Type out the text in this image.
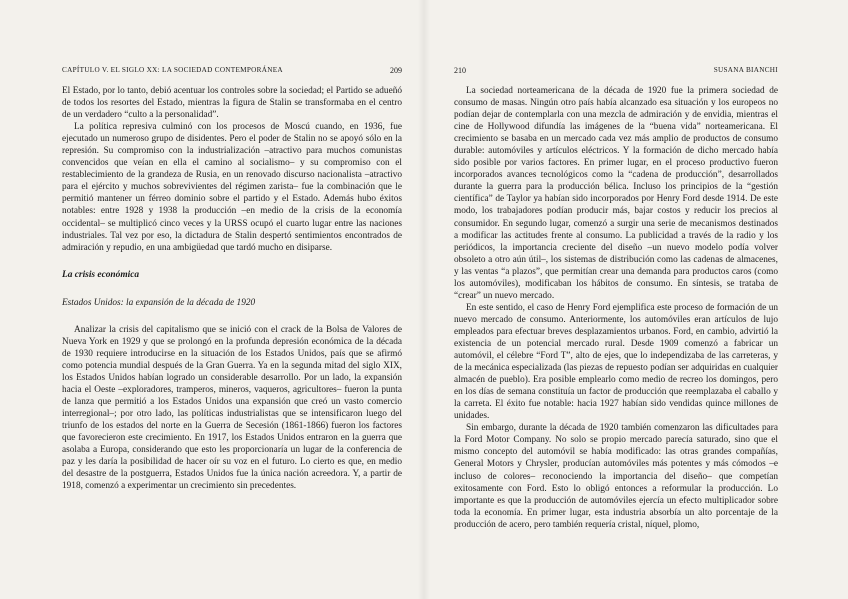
CAPÍTULO V. EL SIGLO XX: LA SOCIEDAD CONTEMPORÁNEA	209

El Estado, por lo tanto, debió acentuar los controles sobre la sociedad; el Partido se adueñó de todos los resortes del Estado, mientras la figura de Stalin se transformaba en el centro de un verdadero “culto a la personalidad”.

La política represiva culminó con los procesos de Moscú cuando, en 1936, fue ejecutado un numeroso grupo de disidentes. Pero el poder de Stalin no se apoyó sólo en la represión. Su compromiso con la industrialización –atractivo para muchos comunistas convencidos que veían en ella el camino al socialismo– y su compromiso con el restablecimiento de la grandeza de Rusia, en un renovado discurso nacionalista –atractivo para el ejército y muchos sobrevivientes del régimen zarista– fue la combinación que le permitió mantener un férreo dominio sobre el partido y el Estado. Además hubo éxitos notables: entre 1928 y 1938 la producción –en medio de la crisis de la economía occidental– se multiplicó cinco veces y la URSS ocupó el cuarto lugar entre las naciones industriales. Tal vez por eso, la dictadura de Stalin despertó sentimientos encontrados de admiración y repudio, en una ambigüedad que tardó mucho en disiparse.

La crisis económica
Estados Unidos: la expansión de la década de 1920

Analizar la crisis del capitalismo que se inició con el crack de la Bolsa de Valores de Nueva York en 1929 y que se prolongó en la profunda depresión económica de la década de 1930 requiere introducirse en la situación de los Estados Unidos, país que se afirmó como potencia mundial después de la Gran Guerra. Ya en la segunda mitad del siglo XIX, los Estados Unidos habían logrado un considerable desarrollo. Por un lado, la expansión hacia el Oeste –exploradores, tramperos, mineros, vaqueros, agricultores– fueron la punta de lanza que permitió a los Estados Unidos una expansión que creó un vasto comercio interregional–; por otro lado, las políticas industrialistas que se intensificaron luego del triunfo de los estados del norte en la Guerra de Secesión (1861-1866) fueron los factores que favorecieron este crecimiento. En 1917, los Estados Unidos entraron en la guerra que asolaba a Europa, considerando que esto les proporcionaría un lugar de la conferencia de paz y les daría la posibilidad de hacer oír su voz en el futuro. Lo cierto es que, en medio del desastre de la postguerra, Estados Unidos fue la única nación acreedora. Y, a partir de 1918, comenzó a experimentar un crecimiento sin precedentes.

210	SUSANA BIANCHI

La sociedad norteamericana de la década de 1920 fue la primera sociedad de consumo de masas. Ningún otro país había alcanzado esa situación y los europeos no podían dejar de contemplarla con una mezcla de admiración y de envidia, mientras el cine de Hollywood difundía las imágenes de la “buena vida” norteamericana. El crecimiento se basaba en un mercado cada vez más amplio de productos de consumo durable: automóviles y artículos eléctricos. Y la formación de dicho mercado había sido posible por varios factores. En primer lugar, en el proceso productivo fueron incorporados avances tecnológicos como la “cadena de producción”, desarrollados durante la guerra para la producción bélica. Incluso los principios de la “gestión científica” de Taylor ya habían sido incorporados por Henry Ford desde 1914. De este modo, los trabajadores podían producir más, bajar costos y reducir los precios al consumidor. En segundo lugar, comenzó a surgir una serie de mecanismos destinados a modificar las actitudes frente al consumo. La publicidad a través de la radio y los periódicos, la importancia creciente del diseño –un nuevo modelo podía volver obsoleto a otro aún útil–, los sistemas de distribución como las cadenas de almacenes, y las ventas “a plazos”, que permitían crear una demanda para productos caros (como los automóviles), modificaban los hábitos de consumo. En síntesis, se trataba de “crear” un nuevo mercado.

En este sentido, el caso de Henry Ford ejemplifica este proceso de formación de un nuevo mercado de consumo. Anteriormente, los automóviles eran artículos de lujo empleados para efectuar breves desplazamientos urbanos. Ford, en cambio, advirtió la existencia de un potencial mercado rural. Desde 1909 comenzó a fabricar un automóvil, el célebre “Ford T”, alto de ejes, que lo independizaba de las carreteras, y de la mecánica especializada (las piezas de repuesto podían ser adquiridas en cualquier almacén de pueblo). Era posible emplearlo como medio de recreo los domingos, pero en los días de semana constituía un factor de producción que reemplazaba el caballo y la carreta. El éxito fue notable: hacia 1927 habían sido vendidas quince millones de unidades.

Sin embargo, durante la década de 1920 también comenzaron las dificultades para la Ford Motor Company. No solo se propio mercado parecía saturado, sino que el mismo concepto del automóvil se había modificado: las otras grandes compañías, General Motors y Chrysler, producían automóviles más potentes y más cómodos –e incluso de colores– reconociendo la importancia del diseño– que competían exitosamente con Ford. Esto lo obligó entonces a reformular la producción. Lo importante es que la producción de automóviles ejercía un efecto multiplicador sobre toda la economía. En primer lugar, esta industria absorbía un alto porcentaje de la producción de acero, pero también requería cristal, níquel, plomo,
